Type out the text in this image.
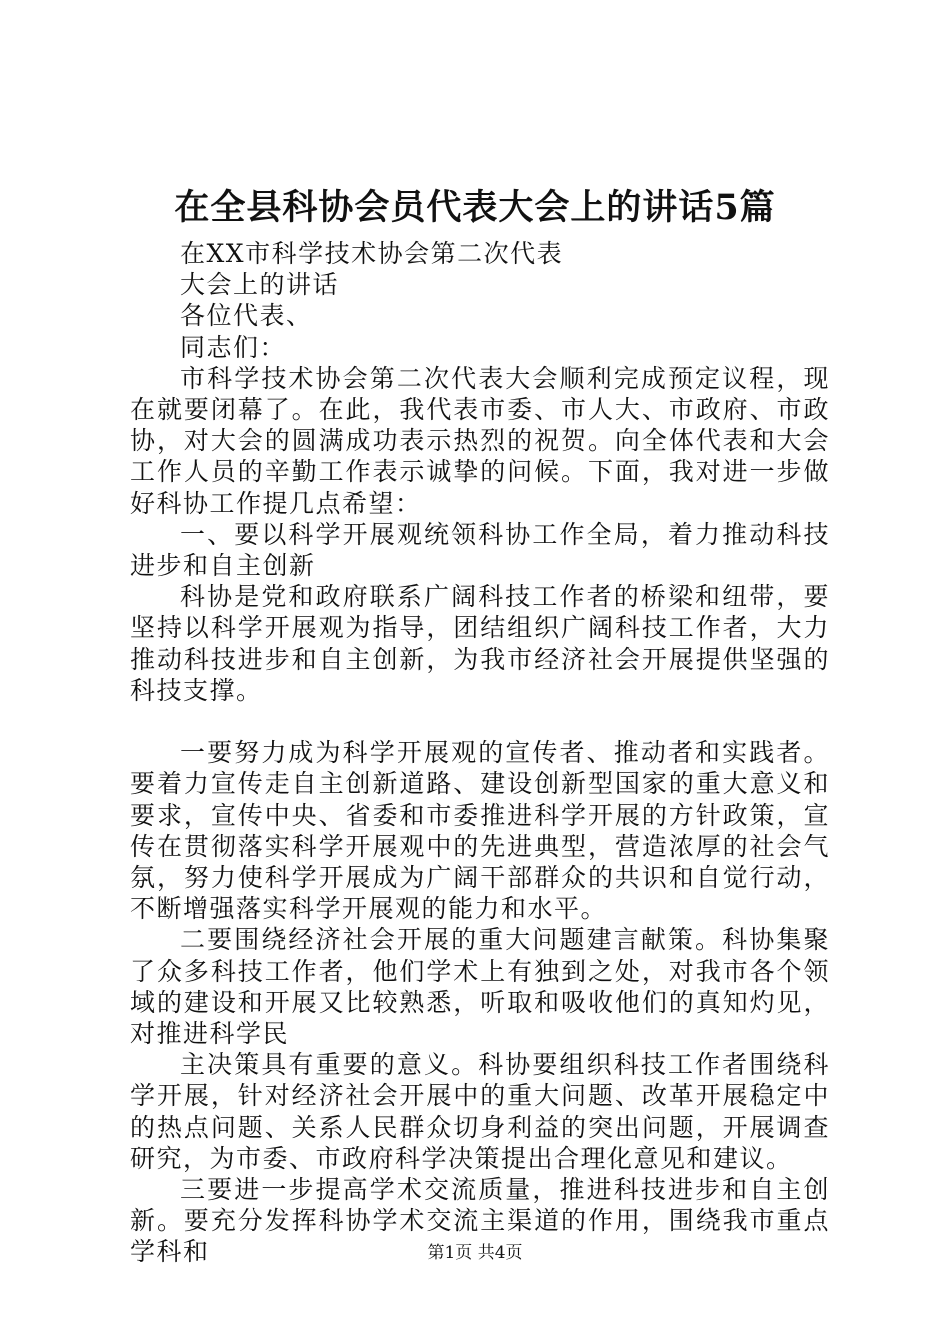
在全县科协会员代表大会上的讲话5篇

在XX市科学技术协会第二次代表

大会上的讲话

各位代表、

同志们：

市科学技术协会第二次代表大会顺利完成预定议程，现在就要闭幕了。在此，我代表市委、市人大、市政府、市政协，对大会的圆满成功表示热烈的祝贺。向全体代表和大会工作人员的辛勤工作表示诚挚的问候。下面，我对进一步做好科协工作提几点希望：

一、要以科学开展观统领科协工作全局，着力推动科技进步和自主创新

科协是党和政府联系广阔科技工作者的桥梁和纽带，要坚持以科学开展观为指导，团结组织广阔科技工作者，大力推动科技进步和自主创新，为我市经济社会开展提供坚强的科技支撑。

一要努力成为科学开展观的宣传者、推动者和实践者。要着力宣传走自主创新道路、建设创新型国家的重大意义和要求，宣传中央、省委和市委推进科学开展的方针政策，宣传在贯彻落实科学开展观中的先进典型，营造浓厚的社会气氛，努力使科学开展成为广阔干部群众的共识和自觉行动，不断增强落实科学开展观的能力和水平。

二要围绕经济社会开展的重大问题建言献策。科协集聚了众多科技工作者，他们学术上有独到之处，对我市各个领域的建设和开展又比较熟悉，听取和吸收他们的真知灼见，对推进科学民

主决策具有重要的意义。科协要组织科技工作者围绕科学开展，针对经济社会开展中的重大问题、改革开展稳定中的热点问题、关系人民群众切身利益的突出问题，开展调查研究，为市委、市政府科学决策提出合理化意见和建议。

三要进一步提高学术交流质量，推进科技进步和自主创新。要充分发挥科协学术交流主渠道的作用，围绕我市重点学科和	第1页 共4页
